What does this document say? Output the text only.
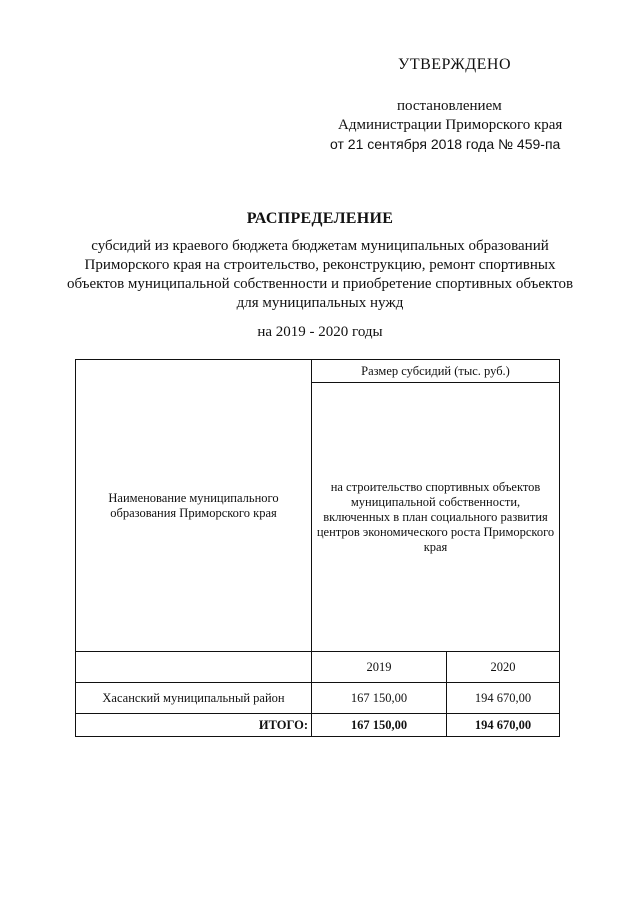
УТВЕРЖДЕНО
постановлением
Администрации Приморского края
от 21 сентября 2018 года № 459-па
РАСПРЕДЕЛЕНИЕ
субсидий из краевого бюджета бюджетам муниципальных образований Приморского края на строительство, реконструкцию, ремонт спортивных объектов муниципальной собственности и приобретение спортивных объектов для муниципальных нужд
на 2019 - 2020 годы
Наименование муниципального образования Приморского края	Размер субсидий (тыс. руб.)	
	на строительство спортивных объектов муниципальной собственности, включенных в план социального развития центров экономического роста Приморского края	
	2019	2020
Хасанский муниципальный район	167 150,00	194 670,00
ИТОГО:	167 150,00	194 670,00
